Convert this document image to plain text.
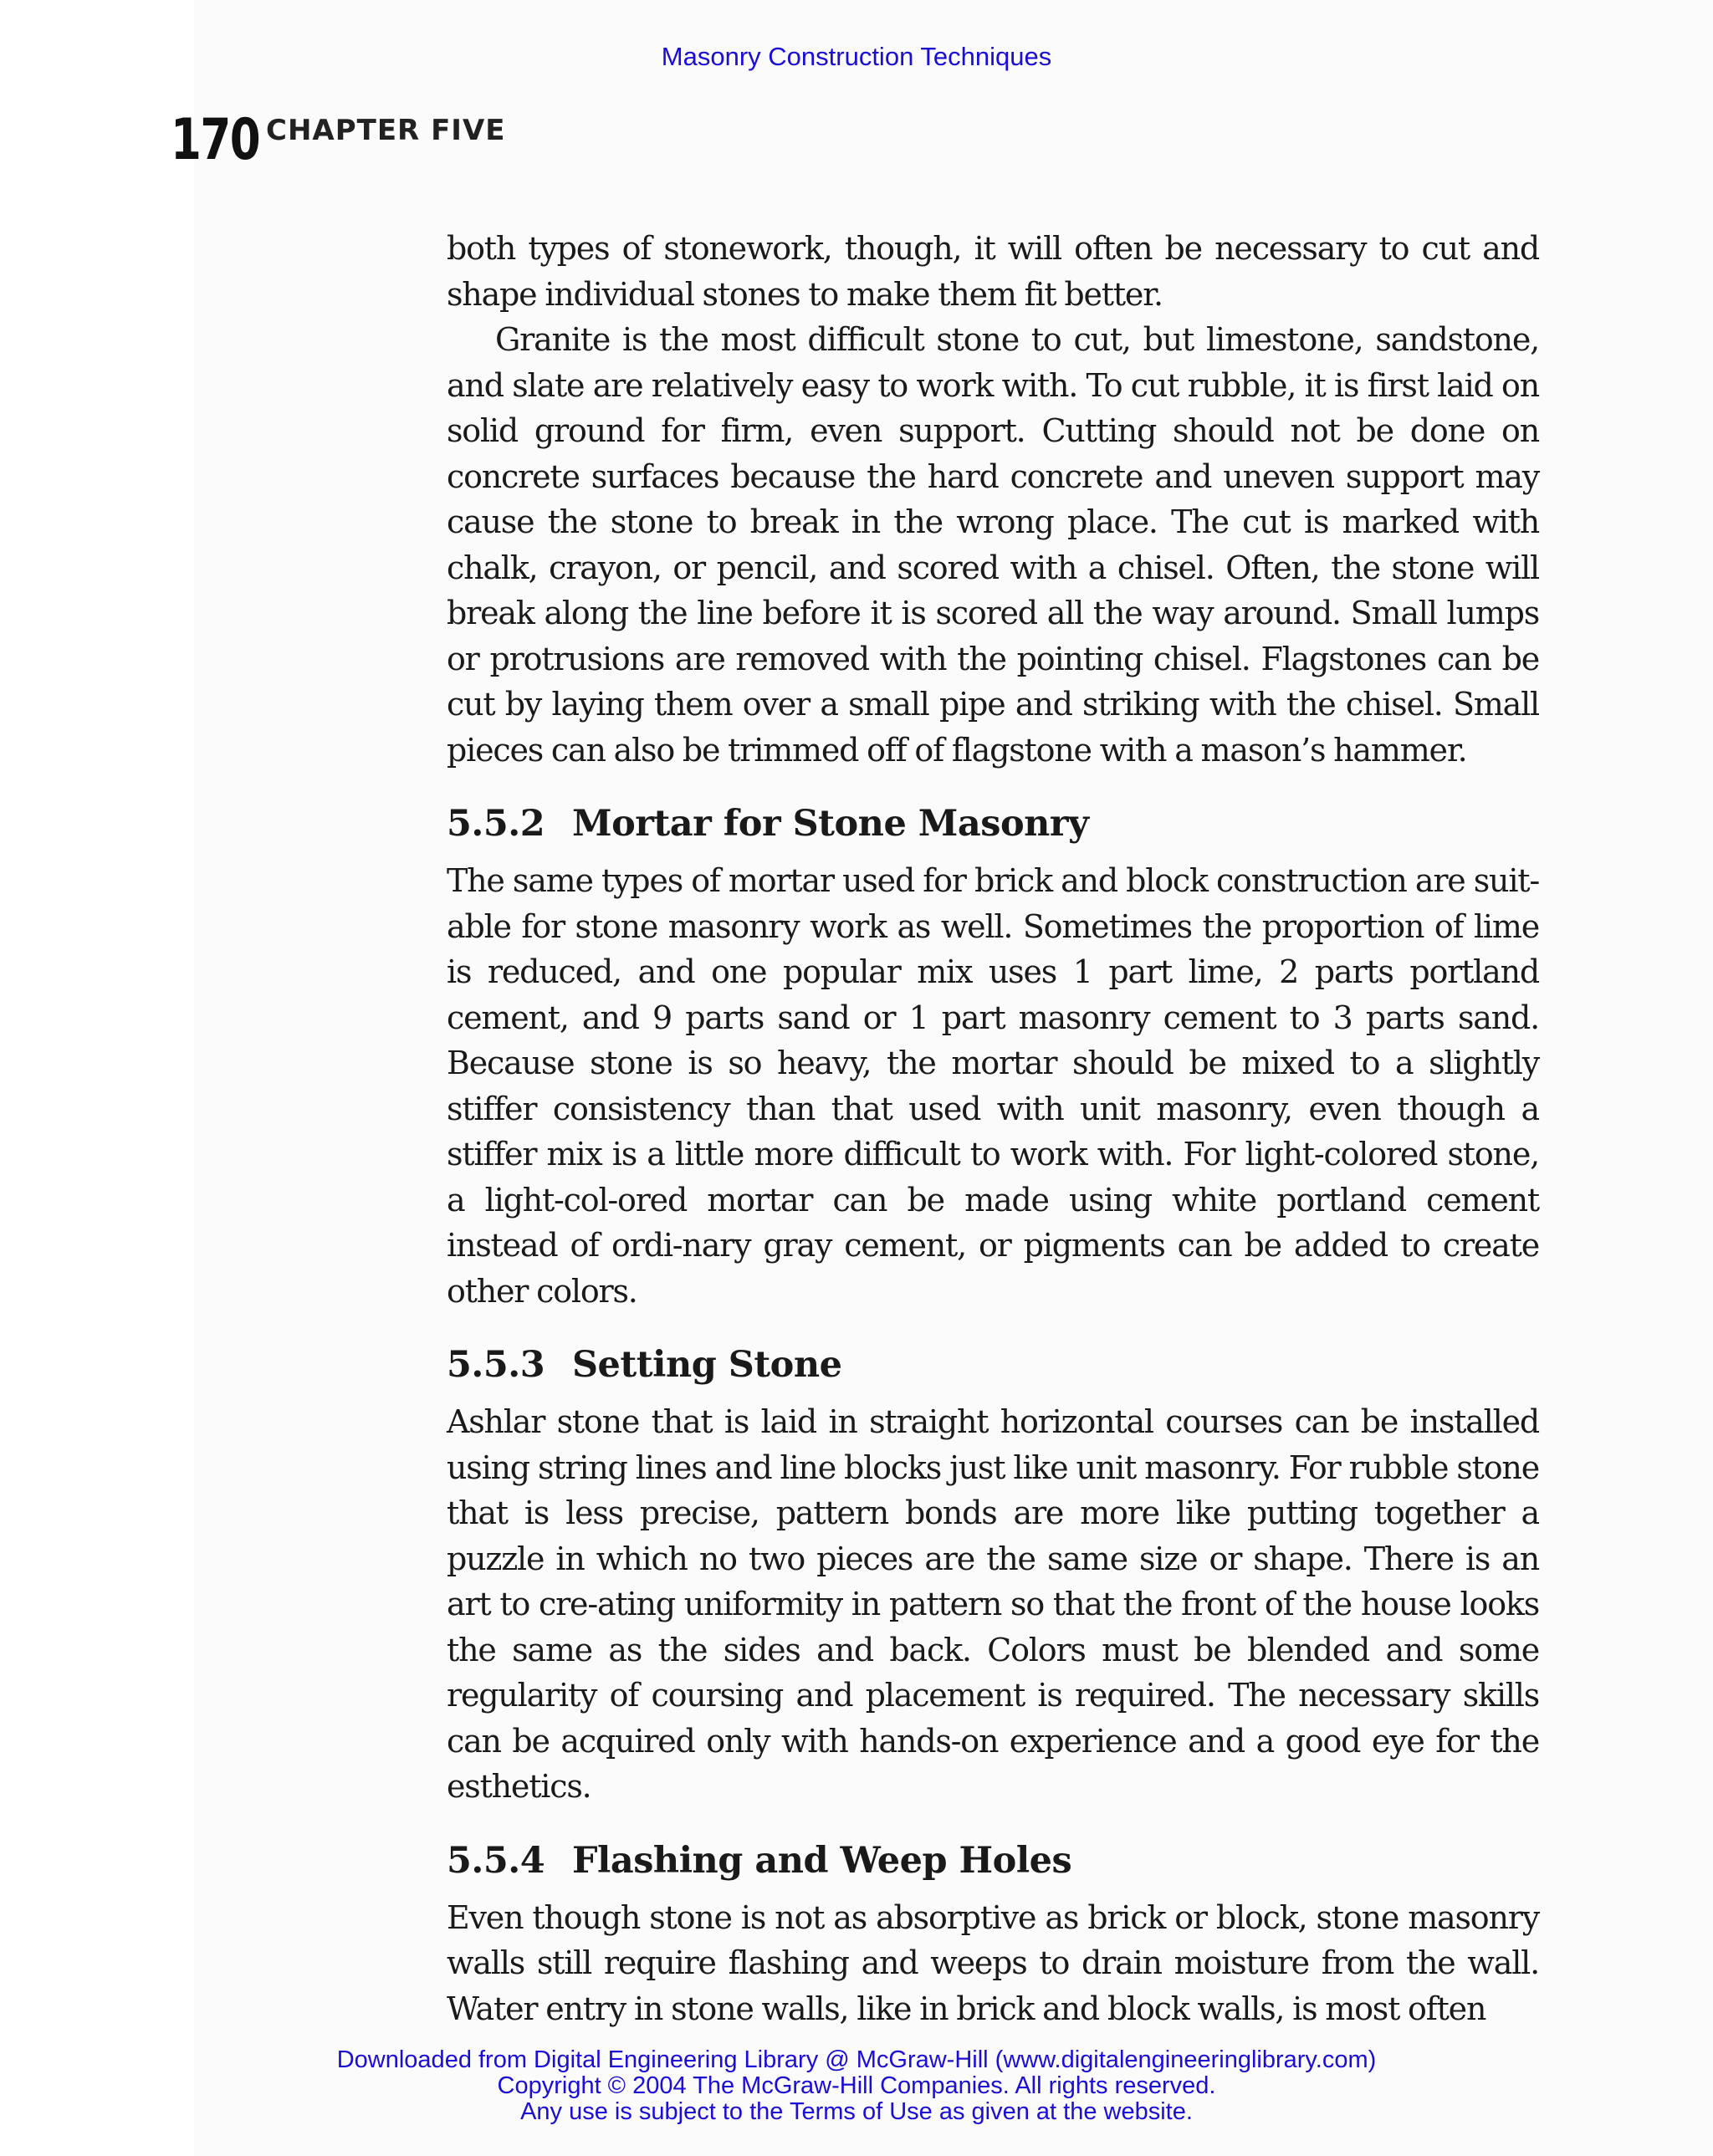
Masonry Construction Techniques
170 CHAPTER FIVE

both types of stonework, though, it will often be necessary to cut and shape individual stones to make them fit better.

Granite is the most difficult stone to cut, but limestone, sandstone, and slate are relatively easy to work with. To cut rubble, it is first laid on solid ground for firm, even support. Cutting should not be done on concrete surfaces because the hard concrete and uneven support may cause the stone to break in the wrong place. The cut is marked with chalk, crayon, or pencil, and scored with a chisel. Often, the stone will break along the line before it is scored all the way around. Small lumps or protrusions are removed with the pointing chisel. Flagstones can be cut by laying them over a small pipe and striking with the chisel. Small pieces can also be trimmed off of flagstone with a mason’s hammer.

5.5.2 Mortar for Stone Masonry

The same types of mortar used for brick and block construction are suit-able for stone masonry work as well. Sometimes the proportion of lime is reduced, and one popular mix uses 1 part lime, 2 parts portland cement, and 9 parts sand or 1 part masonry cement to 3 parts sand. Because stone is so heavy, the mortar should be mixed to a slightly stiffer consistency than that used with unit masonry, even though a stiffer mix is a little more difficult to work with. For light-colored stone, a light-col-ored mortar can be made using white portland cement instead of ordi-nary gray cement, or pigments can be added to create other colors.

5.5.3 Setting Stone

Ashlar stone that is laid in straight horizontal courses can be installed using string lines and line blocks just like unit masonry. For rubble stone that is less precise, pattern bonds are more like putting together a puzzle in which no two pieces are the same size or shape. There is an art to cre-ating uniformity in pattern so that the front of the house looks the same as the sides and back. Colors must be blended and some regularity of coursing and placement is required. The necessary skills can be acquired only with hands-on experience and a good eye for the esthetics.

5.5.4 Flashing and Weep Holes

Even though stone is not as absorptive as brick or block, stone masonry walls still require flashing and weeps to drain moisture from the wall. Water entry in stone walls, like in brick and block walls, is most often

Downloaded from Digital Engineering Library @ McGraw-Hill (www.digitalengineeringlibrary.com)
Copyright © 2004 The McGraw-Hill Companies. All rights reserved.
Any use is subject to the Terms of Use as given at the website.
